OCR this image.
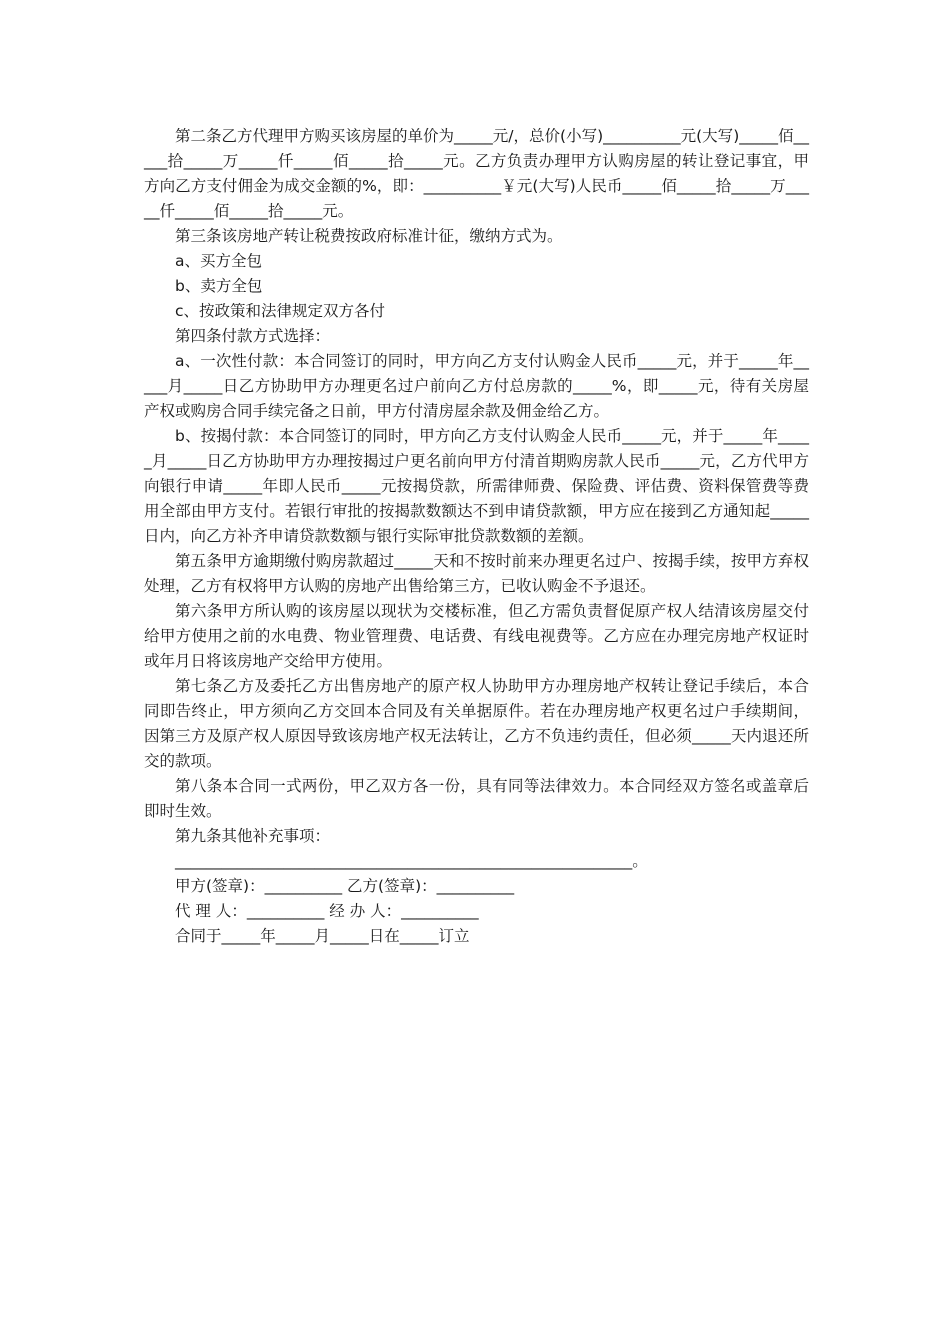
第二条乙方代理甲方购买该房屋的单价为_____元/，总价(小写)__________元(大写)_____佰_____拾_____万_____仟_____佰_____拾_____元。乙方负责办理甲方认购房屋的转让登记事宜，甲方向乙方支付佣金为成交金额的%，即：__________￥元(大写)人民币_____佰_____拾_____万_____仟_____佰_____拾_____元。

第三条该房地产转让税费按政府标准计征，缴纳方式为。

a、买方全包

b、卖方全包

c、按政策和法律规定双方各付

第四条付款方式选择：

a、一次性付款：本合同签订的同时，甲方向乙方支付认购金人民币_____元，并于_____年_____月_____日乙方协助甲方办理更名过户前向乙方付总房款的_____%，即_____元，待有关房屋产权或购房合同手续完备之日前，甲方付清房屋余款及佣金给乙方。

b、按揭付款：本合同签订的同时，甲方向乙方支付认购金人民币_____元，并于_____年_____月_____日乙方协助甲方办理按揭过户更名前向甲方付清首期购房款人民币_____元，乙方代甲方向银行申请_____年即人民币_____元按揭贷款，所需律师费、保险费、评估费、资料保管费等费用全部由甲方支付。若银行审批的按揭款数额达不到申请贷款额，甲方应在接到乙方通知起_____日内，向乙方补齐申请贷款数额与银行实际审批贷款数额的差额。

第五条甲方逾期缴付购房款超过_____天和不按时前来办理更名过户、按揭手续，按甲方弃权处理，乙方有权将甲方认购的房地产出售给第三方，已收认购金不予退还。

第六条甲方所认购的该房屋以现状为交楼标准，但乙方需负责督促原产权人结清该房屋交付给甲方使用之前的水电费、物业管理费、电话费、有线电视费等。乙方应在办理完房地产权证时或年月日将该房地产交给甲方使用。

第七条乙方及委托乙方出售房地产的原产权人协助甲方办理房地产权转让登记手续后，本合同即告终止，甲方须向乙方交回本合同及有关单据原件。若在办理房地产权更名过户手续期间，因第三方及原产权人原因导致该房地产权无法转让，乙方不负违约责任，但必须_____天内退还所交的款项。

第八条本合同一式两份，甲乙双方各一份，具有同等法律效力。本合同经双方签名或盖章后即时生效。

第九条其他补充事项：

___________________________________________________________。

甲方(签章)：__________ 乙方(签章)：__________

代 理 人：__________ 经 办 人：__________

合同于_____年_____月_____日在_____订立
